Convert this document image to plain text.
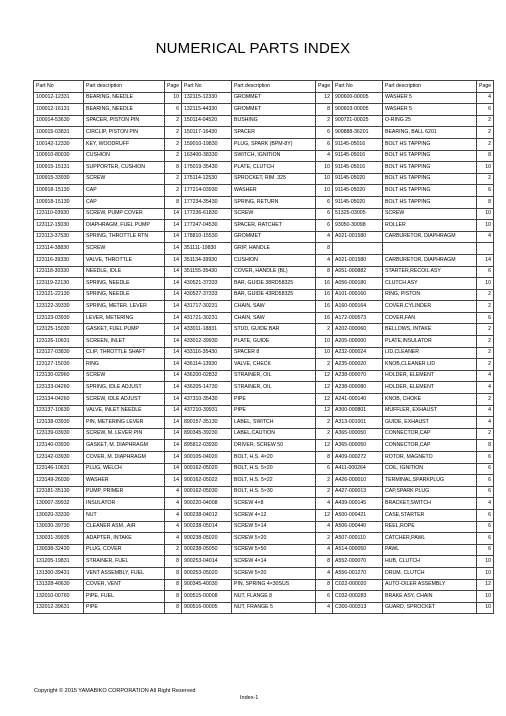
NUMERICAL PARTS INDEX
Part No	Part description	Page	Part No	Part description	Page	Part No	Part description	Page
100012-12331	BEARING, NEEDLE	10	132115-12330	GROMMET	12	900600-00005	WASHER 5	4
100012-16131	BEARING, NEEDLE	6	132115-44330	GROMMET	8	900603-00005	WASHER 5	6
100014-53630	SPACER, PISTON PIN	2	150114-04520	BUSHING	2	900721-00025	O-RING 25	2
100015-03831	CIRCLIP, PISTON PIN	2	150117-16430	SPACER	6	900888-36201	BEARING, BALL 6201	2
100142-12330	KEY, WOODRUFF	2	159010-19830	PLUG, SPARK (BPM-8Y)	6	91145-05016	BOLT HS TAPPING	2
100910-80030	CUSHION	2	163400-38330	SWITCH, IGNITION	4	91145-05016	BOLT HS TAPPING	8
100915-15131	SUPPORTER, CUSHION	8	175019-35430	PLATE, CLUTCH	10	91145-05016	BOLT HS TAPPING	10
100915-33930	SCREW	2	175114-12530	SPROCKET, RIM .325	10	91145-05020	BOLT HS TAPPING	2
100918-15130	CAP	2	177214-03930	WASHER	10	91145-05020	BOLT HS TAPPING	6
100918-15130	CAP	8	177234-35430	SPRING, RETURN	6	91145-05020	BOLT HS TAPPING	8
123110-03930	SCREW, PUMP COVER	14	177236-61830	SCREW	6	51325-03005	SCREW	10
123112-15030	DIAPHRAGM, FUEL PUMP	14	177247-04530	SPACER, RATCHET	6	93050-30098	ROLLER	10
123113-37530	SPRING, THROTTLE RTN	14	178810-15530	GROMMET	4	A021-001580	CARBURETOR, DIAPHRAGM	4
123114-38830	SCREW	14	351111-19830	GRIP, HANDLE	8			
123116-39330	VALVE, THROTTLE	14	351134-39930	CUSHION	4	A021-001580	CARBURETOR, DIAPHRAGM	14
123118-30330	NEEDLE, IDLE	14	351155-35430	COVER, HANDLE (BL)	8	A051-000882	STARTER,RECOIL ASY	6
123119-22130	SPRING, NEEDLE	14	430521-37333	BAR, GUIDE 38RD58325	16	A056-000180	CLUTCH ASY	10
123121-22130	SPRING, NEEDLE	14	430527-37333	BAR, GUIDE 43RD58325	16	A101-000160	RING, PISTON	2
123122-39330	SPRING, METER. LEVER	14	431717-30231	CHAIN, SAW	16	A160-000164	COVER,CYLINDER	2
123123-03930	LEVER, METERING	14	431721-30231	CHAIN, SAW	16	A172-000573	COVER,FAN	6
123125-15030	GASKET, FUEL PUMP	14	433011-18831	STUD, GUIDE BAR	2	A202-000060	BELLOWS, INTAKE	2
123126-10631	SCREEN, INLET	14	433012-39930	PLATE, GUIDE	10	A205-000000	PLATE,INSULATOR	2
123127-03830	CLIP, THROTTLE SHAFT	14	433116-35430	SPACER 8	10	A232-000024	LID,CLEANER	2
123127-15030	RING	14	436114-13930	VALVE, CHECK	2	A235-000020	KNOB,CLEANER LID	2
123130-02960	SCREW	14	436200-02832	STRAINER, OIL	12	A238-000070	HOLDER, ELEMENT	4
123133-04260	SPRING, IDLE ADJUST	14	436205-14730	STRAINER, OIL	12	A238-000080	HOLDER, ELEMENT	4
123134-04260	SCREW, IDLE ADJUST	14	437310-35430	PIPE	12	A241-000140	KNOB, CHOKE	2
123137-10630	VALVE, INLET NEEDLE	14	437210-39931	PIPE	12	A300-000801	MUFFLER, EXHAUST	4
123138-03930	PIN, METERING LEVER	14	890157-35130	LABEL, SWITCH	2	A313-001001	GUIDE, EXHAUST	4
123139-03930	SCREW, M. LEVER PIN	14	890345-39230	LABEL,CAUTION	2	A365-000050	CONNECTOR,CAP	2
123140-03930	GASKET, M. DIAPHRAGM	14	895812-03930	DRIVER, SCREW 50	12	A365-000050	CONNECTOR,CAP	8
123142-03930	COVER, M. DIAPHRAGM	14	900105-04020	BOLT, H.S. 4×20	8	A409-000272	ROTOR, MAGNETO	6
123146-10631	PLUG, WELCH	14	900162-05020	BOLT, H.S. 5×20	6	A411-000264	COIL, IGNITION	6
123149-26030	WASHER	14	900162-05022	BOLT, H.S. 5×22	2	A426-000010	TERMINAL,SPARKPLUG	6
123181-35130	PUMP, PRIMER	4	900162-05030	BOLT, H.S. 5×30	2	A427-000013	CAP,SPARK PLUG	6
130007-39932	INSULATOR	4	900220-04008	SCREW 4×8	4	A439-000145	BRACKET,SWITCH	4
130020-33330	NUT	4	900238-04012	SCREW 4×12	12	A500-000421	CASE,STARTER	6
130030-39730	CLEANER ASM., AIR	4	900238-05014	SCREW 5×14	4	A506-000440	REEL,ROPE	6
130031-39935	ADAPTER, INTAKE	4	900238-05020	SCREW 5×20	2	A507-000110	CATCHER,PAWL	6
130038-32430	PLUG, COVER	2	900238-05050	SCREW 5×50	4	A514-000050	PAWL	6
131205-19831	STRAINER, FUEL	8	900253-04014	SCREW 4×14	8	A552-000070	HUB, CLUTCH	10
131300-39431	VENT ASSEMBLY, FUEL	8	900253-05020	SCREW 5×20	4	A556-001270	DRUM, CLUTCH	10
131328-40630	COVER, VENT	8	900345-40030	PIN, SPRING 4×30SUS	8	C022-000020	AUTO-OILER ASSEMBLY	12
132010-00760	PIPE, FUEL	8	900515-00008	NUT, FLANGE 8	6	C032-000283	BRAKE ASY, CHAIN	10
132012-39631	PIPE	8	900516-00005	NUT, FRANGE 5	4	C300-000313	GUARD, SPROCKET	10
Copyright © 2015 YAMABIKO CORPORATION All Right Reserved
Index-1
